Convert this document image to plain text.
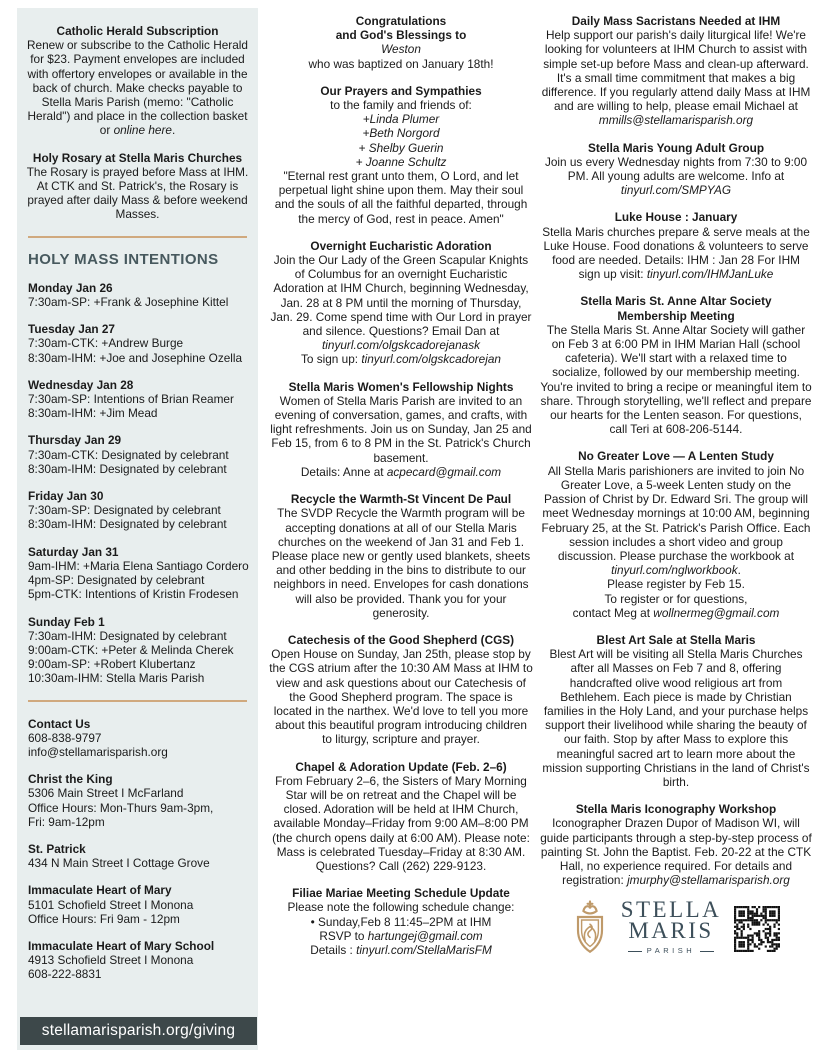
Catholic Herald Subscription
Renew or subscribe to the Catholic Herald for $23. Payment envelopes are included with offertory envelopes or available in the back of church. Make checks payable to Stella Maris Parish (memo: "Catholic Herald") and place in the collection basket or online here.
Holy Rosary at Stella Maris Churches
The Rosary is prayed before Mass at IHM. At CTK and St. Patrick's, the Rosary is prayed after daily Mass & before weekend Masses.
HOLY MASS INTENTIONS
Monday Jan 26
7:30am-SP: +Frank & Josephine Kittel
Tuesday Jan 27
7:30am-CTK: +Andrew Burge
8:30am-IHM: +Joe and Josephine Ozella
Wednesday Jan 28
7:30am-SP: Intentions of Brian Reamer
8:30am-IHM: +Jim Mead
Thursday Jan 29
7:30am-CTK: Designated by celebrant
8:30am-IHM: Designated by celebrant
Friday Jan 30
7:30am-SP: Designated by celebrant
8:30am-IHM: Designated by celebrant
Saturday Jan 31
9am-IHM: +Maria Elena Santiago Cordero
4pm-SP: Designated by celebrant
5pm-CTK: Intentions of Kristin Frodesen
Sunday Feb 1
7:30am-IHM: Designated by celebrant
9:00am-CTK: +Peter & Melinda Cherek
9:00am-SP: +Robert Klubertanz
10:30am-IHM: Stella Maris Parish
Contact Us
608-838-9797
info@stellamarisparish.org
Christ the King
5306 Main Street I McFarland
Office Hours: Mon-Thurs 9am-3pm,
Fri: 9am-12pm
St. Patrick
434 N Main Street I Cottage Grove
Immaculate Heart of Mary
5101 Schofield Street I Monona
Office Hours: Fri 9am - 12pm
Immaculate Heart of Mary School
4913 Schofield Street I Monona
608-222-8831
stellamarisparish.org/giving
Congratulations
and God's Blessings to
Weston
who was baptized on January 18th!
Our Prayers and Sympathies
to the family and friends of:
+Linda Plumer
+Beth Norgord
+ Shelby Guerin
+ Joanne Schultz
"Eternal rest grant unto them, O Lord, and let perpetual light shine upon them. May their soul and the souls of all the faithful departed, through the mercy of God, rest in peace. Amen"
Overnight Eucharistic Adoration
Join the Our Lady of the Green Scapular Knights of Columbus for an overnight Eucharistic Adoration at IHM Church, beginning Wednesday, Jan. 28 at 8 PM until the morning of Thursday, Jan. 29. Come spend time with Our Lord in prayer and silence. Questions? Email Dan at tinyurl.com/olgskcadorejanask
To sign up: tinyurl.com/olgskcadorejan
Stella Maris Women's Fellowship Nights
Women of Stella Maris Parish are invited to an evening of conversation, games, and crafts, with light refreshments. Join us on Sunday, Jan 25 and Feb 15, from 6 to 8 PM in the St. Patrick's Church basement.
Details: Anne at acpecard@gmail.com
Recycle the Warmth-St Vincent De Paul
The SVDP Recycle the Warmth program will be accepting donations at all of our Stella Maris churches on the weekend of Jan 31 and Feb 1. Please place new or gently used blankets, sheets and other bedding in the bins to distribute to our neighbors in need. Envelopes for cash donations will also be provided. Thank you for your generosity.
Catechesis of the Good Shepherd (CGS)
Open House on Sunday, Jan 25th, please stop by the CGS atrium after the 10:30 AM Mass at IHM to view and ask questions about our Catechesis of the Good Shepherd program. The space is located in the narthex. We'd love to tell you more about this beautiful program introducing children to liturgy, scripture and prayer.
Chapel & Adoration Update (Feb. 2–6)
From February 2–6, the Sisters of Mary Morning Star will be on retreat and the Chapel will be closed. Adoration will be held at IHM Church, available Monday–Friday from 9:00 AM–8:00 PM (the church opens daily at 6:00 AM). Please note: Mass is celebrated Tuesday–Friday at 8:30 AM. Questions? Call (262) 229-9123.
Filiae Mariae Meeting Schedule Update
Please note the following schedule change:
• Sunday,Feb 8 11:45–2PM at IHM
RSVP to hartungej@gmail.com
Details : tinyurl.com/StellaMarisFM
Daily Mass Sacristans Needed at IHM
Help support our parish's daily liturgical life! We're looking for volunteers at IHM Church to assist with simple set-up before Mass and clean-up afterward. It's a small time commitment that makes a big difference. If you regularly attend daily Mass at IHM and are willing to help, please email Michael at mmills@stellamarisparish.org
Stella Maris Young Adult Group
Join us every Wednesday nights from 7:30 to 9:00 PM. All young adults are welcome. Info at tinyurl.com/SMPYAG
Luke House : January
Stella Maris churches prepare & serve meals at the Luke House. Food donations & volunteers to serve food are needed. Details: IHM : Jan 28 For IHM sign up visit: tinyurl.com/IHMJanLuke
Stella Maris St. Anne Altar Society
Membership Meeting
The Stella Maris St. Anne Altar Society will gather on Feb 3 at 6:00 PM in IHM Marian Hall (school cafeteria). We'll start with a relaxed time to socialize, followed by our membership meeting. You're invited to bring a recipe or meaningful item to share. Through storytelling, we'll reflect and prepare our hearts for the Lenten season. For questions, call Teri at 608-206-5144.
No Greater Love — A Lenten Study
All Stella Maris parishioners are invited to join No Greater Love, a 5-week Lenten study on the Passion of Christ by Dr. Edward Sri. The group will meet Wednesday mornings at 10:00 AM, beginning February 25, at the St. Patrick's Parish Office. Each session includes a short video and group discussion. Please purchase the workbook at tinyurl.com/nglworkbook.
Please register by Feb 15.
To register or for questions,
contact Meg at wollnermeg@gmail.com
Blest Art Sale at Stella Maris
Blest Art will be visiting all Stella Maris Churches after all Masses on Feb 7 and 8, offering handcrafted olive wood religious art from Bethlehem. Each piece is made by Christian families in the Holy Land, and your purchase helps support their livelihood while sharing the beauty of our faith. Stop by after Mass to explore this meaningful sacred art to learn more about the mission supporting Christians in the land of Christ's birth.
Stella Maris Iconography Workshop
Iconographer Drazen Dupor of Madison WI, will guide participants through a step-by-step process of painting St. John the Baptist. Feb. 20-22 at the CTK Hall, no experience required. For details and registration: jmurphy@stellamarisparish.org
STELLA
MARIS
PARISH
